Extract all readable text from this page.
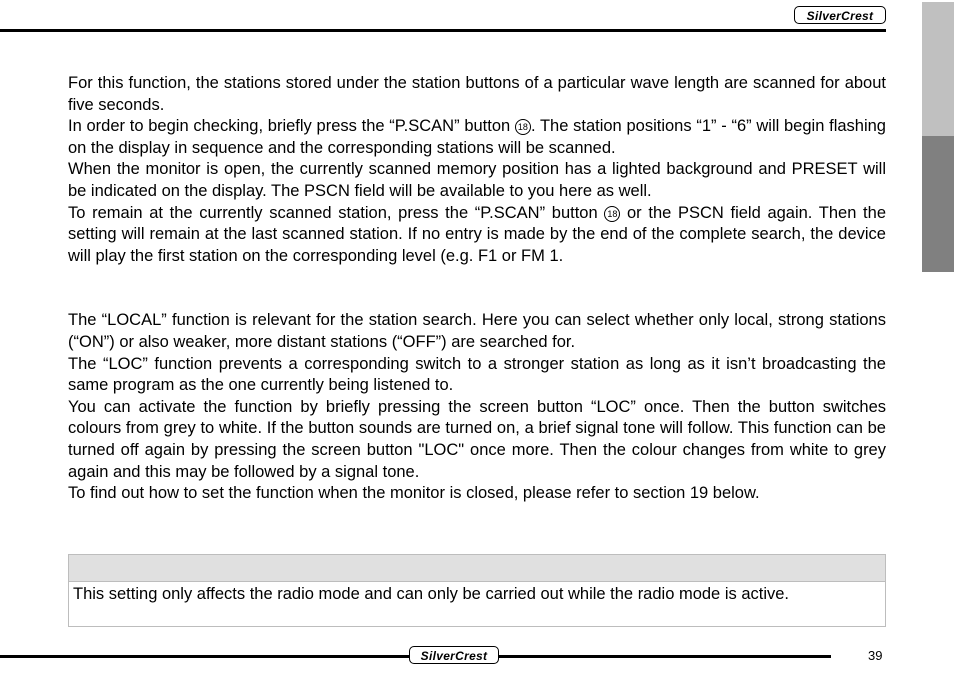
SilverCrest

For this function, the stations stored under the station buttons of a particular wave length are scanned for about five seconds.

In order to begin checking, briefly press the “P.SCAN” button 18 . The station positions “1” - “6” will begin flashing on the display in sequence and the corresponding stations will be scanned.

When the monitor is open, the currently scanned memory position has a lighted background and PRESET will be indicated on the display. The PSCN field will be available to you here as well.

To remain at the currently scanned station, press the “P.SCAN” button 18 or the PSCN field again. Then the setting will remain at the last scanned station. If no entry is made by the end of the complete search, the device will play the first station on the corresponding level (e.g. F1 or FM 1.

The “LOCAL” function is relevant for the station search. Here you can select whether only local, strong stations (“ON”) or also weaker, more distant stations (“OFF”) are searched for.

The “LOC” function prevents a corresponding switch to a stronger station as long as it isn’t broadcasting the same program as the one currently being listened to.

You can activate the function by briefly pressing the screen button “LOC” once. Then the button switches colours from grey to white. If the button sounds are turned on, a brief signal tone will follow. This function can be turned off again by pressing the screen button "LOC" once more. Then the colour changes from white to grey again and this may be followed by a signal tone.

To find out how to set the function when the monitor is closed, please refer to section 19 below.

This setting only affects the radio mode and can only be carried out while the radio mode is active.
SilverCrest	39
